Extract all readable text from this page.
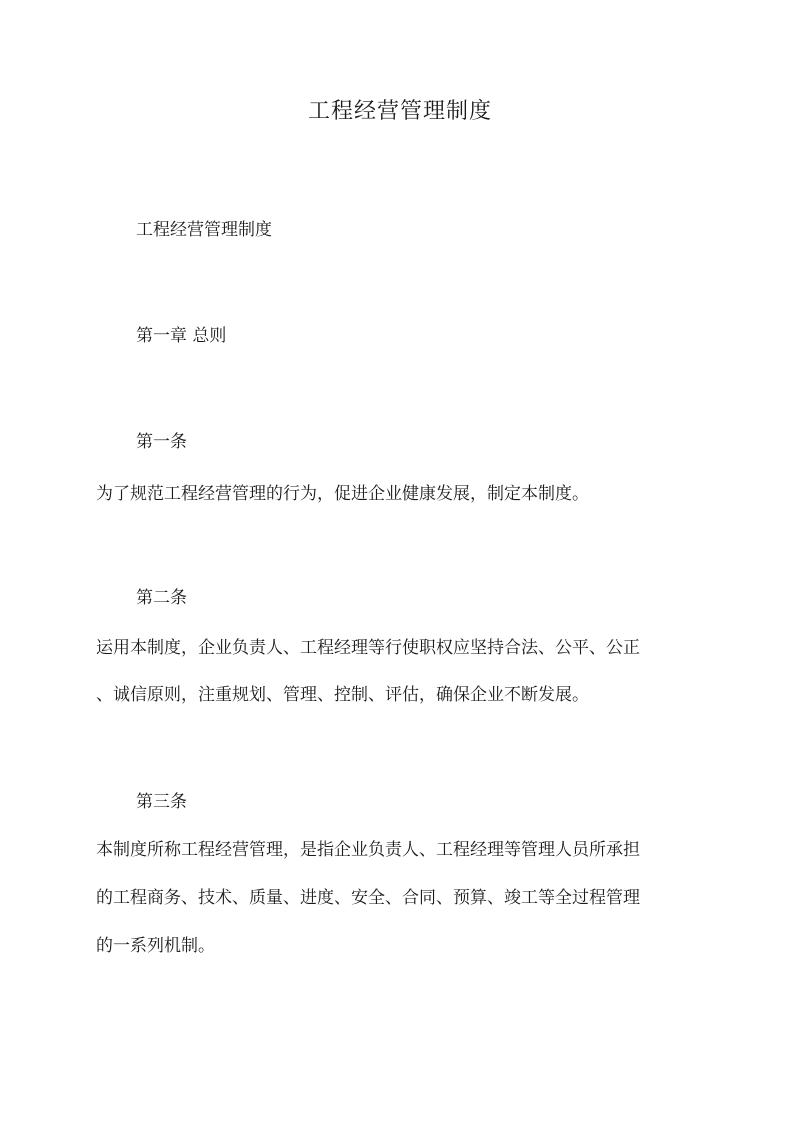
工程经营管理制度

工程经营管理制度

第一章 总则

第一条

为了规范工程经营管理的行为，促进企业健康发展，制定本制度。

第二条

运用本制度，企业负责人、工程经理等行使职权应坚持合法、公平、公正

、诚信原则，注重规划、管理、控制、评估，确保企业不断发展。

第三条

本制度所称工程经营管理，是指企业负责人、工程经理等管理人员所承担

的工程商务、技术、质量、进度、安全、合同、预算、竣工等全过程管理

的一系列机制。
